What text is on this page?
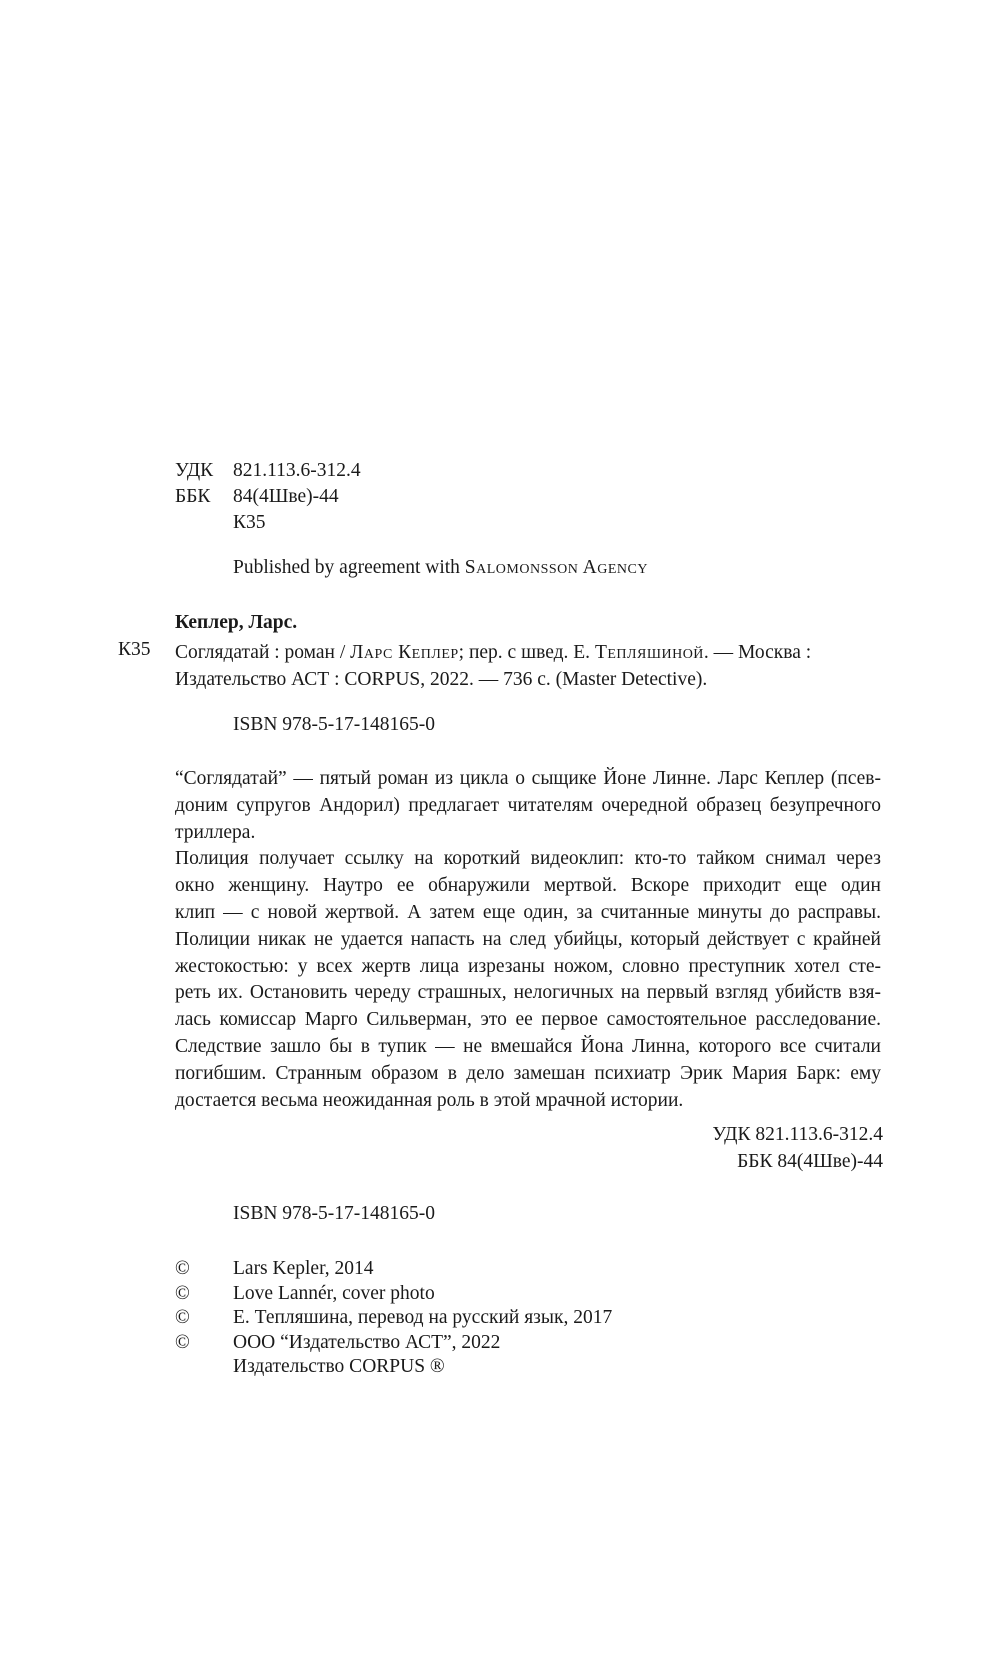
УДК 821.113.6-312.4
ББК 84(4Шве)-44
К35
Published by agreement with Salomonsson Agency
Кеплер, Ларс.
К35 Соглядатай : роман / Ларс Кеплер; пер. с швед. Е. Тепляшиной. — Москва :
Издательство АСТ : CORPUS, 2022. — 736 с. (Master Detective).
ISBN 978-5-17-148165-0
“Соглядатай” — пятый роман из цикла о сыщике Йоне Линне. Ларс Кеплер (псев-
доним супругов Андорил) предлагает читателям очередной образец безупречного
триллера.
Полиция получает ссылку на короткий видеоклип: кто-то тайком снимал через
окно женщину. Наутро ее обнаружили мертвой. Вскоре приходит еще один
клип — с новой жертвой. А затем еще один, за считанные минуты до расправы.
Полиции никак не удается напасть на след убийцы, который действует с крайней
жестокостью: у всех жертв лица изрезаны ножом, словно преступник хотел сте-
реть их. Остановить череду страшных, нелогичных на первый взгляд убийств взя-
лась комиссар Марго Сильверман, это ее первое самостоятельное расследование.
Следствие зашло бы в тупик — не вмешайся Йона Линна, которого все считали
погибшим. Странным образом в дело замешан психиатр Эрик Мария Барк: ему
достается весьма неожиданная роль в этой мрачной истории.
УДК 821.113.6-312.4
ББК 84(4Шве)-44
ISBN 978-5-17-148165-0
© Lars Kepler, 2014
© Love Lannér, cover photo
© Е. Тепляшина, перевод на русский язык, 2017
© ООО “Издательство АСТ”, 2022
Издательство CORPUS ®
